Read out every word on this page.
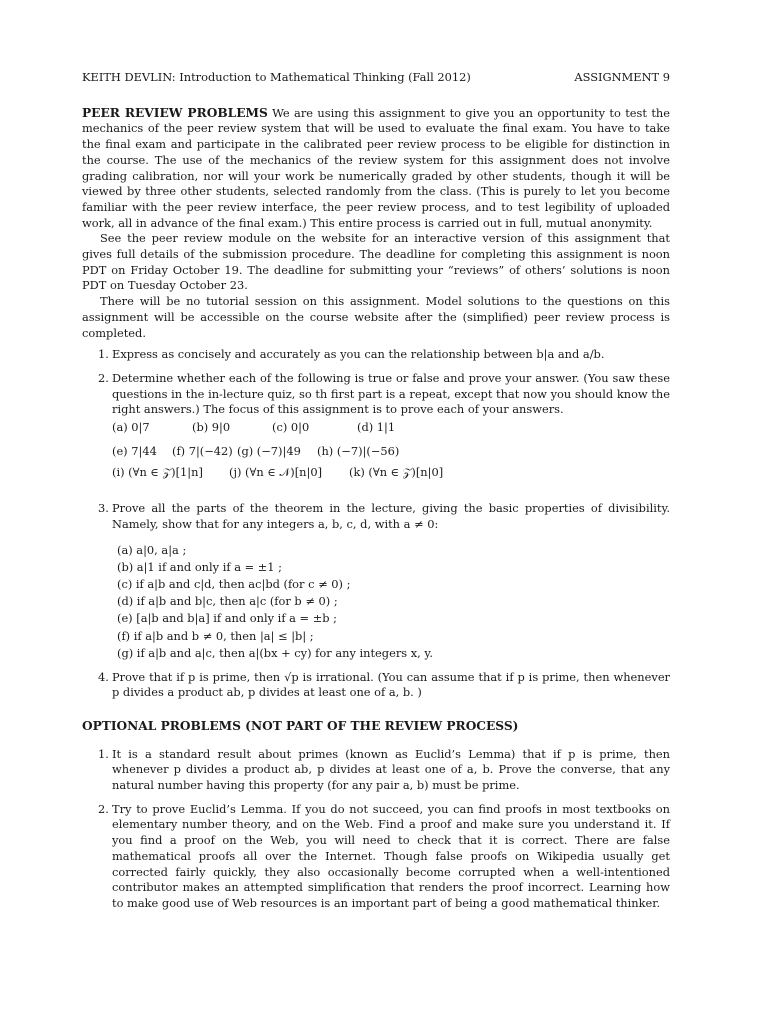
KEITH DEVLIN: Introduction to Mathematical Thinking (Fall 2012)	ASSIGNMENT 9

PEER REVIEW PROBLEMS We are using this assignment to give you an opportunity to test the mechanics of the peer review system that will be used to evaluate the final exam. You have to take the final exam and participate in the calibrated peer review process to be eligible for distinction in the course. The use of the mechanics of the review system for this assignment does not involve grading calibration, nor will your work be numerically graded by other students, though it will be viewed by three other students, selected randomly from the class. (This is purely to let you become familiar with the peer review interface, the peer review process, and to test legibility of uploaded work, all in advance of the final exam.) This entire process is carried out in full, mutual anonymity.

See the peer review module on the website for an interactive version of this assignment that gives full details of the submission procedure. The deadline for completing this assignment is noon PDT on Friday October 19. The deadline for submitting your “reviews” of others’ solutions is noon PDT on Tuesday October 23.

There will be no tutorial session on this assignment. Model solutions to the questions on this assignment will be accessible on the course website after the (simplified) peer review process is completed.

1. Express as concisely and accurately as you can the relationship between b|a and a/b.
2. Determine whether each of the following is true or false and prove your answer. (You saw these questions in the in-lecture quiz, so th first part is a repeat, except that now you should know the right answers.) The focus of this assignment is to prove each of your answers.
(a) 0|7	(b) 9|0	(c) 0|0	(d) 1|1
(e) 7|44	(f) 7|(−42) (g) (−7)|49	(h) (−7)|(−56)
(i) (∀n ∈ 𝒵)[1|n]	(j) (∀n ∈ 𝒩)[n|0]	(k) (∀n ∈ 𝒵)[n|0]
3. Prove all the parts of the theorem in the lecture, giving the basic properties of divisibility. Namely, show that for any integers a, b, c, d, with a ≠ 0:
(a) a|0, a|a ;
(b) a|1 if and only if a = ±1 ;
(c) if a|b and c|d, then ac|bd (for c ≠ 0) ;
(d) if a|b and b|c, then a|c (for b ≠ 0) ;
(e) [a|b and b|a] if and only if a = ±b ;
(f) if a|b and b ≠ 0, then |a| ≤ |b| ;
(g) if a|b and a|c, then a|(bx + cy) for any integers x, y.
4. Prove that if p is prime, then √p is irrational. (You can assume that if p is prime, then whenever p divides a product ab, p divides at least one of a, b. )
OPTIONAL PROBLEMS (NOT PART OF THE REVIEW PROCESS)
1. It is a standard result about primes (known as Euclid’s Lemma) that if p is prime, then whenever p divides a product ab, p divides at least one of a, b. Prove the converse, that any natural number having this property (for any pair a, b) must be prime.
2. Try to prove Euclid’s Lemma. If you do not succeed, you can find proofs in most textbooks on elementary number theory, and on the Web. Find a proof and make sure you understand it. If you find a proof on the Web, you will need to check that it is correct. There are false mathematical proofs all over the Internet. Though false proofs on Wikipedia usually get corrected fairly quickly, they also occasionally become corrupted when a well-intentioned contributor makes an attempted simplification that renders the proof incorrect. Learning how to make good use of Web resources is an important part of being a good mathematical thinker.
